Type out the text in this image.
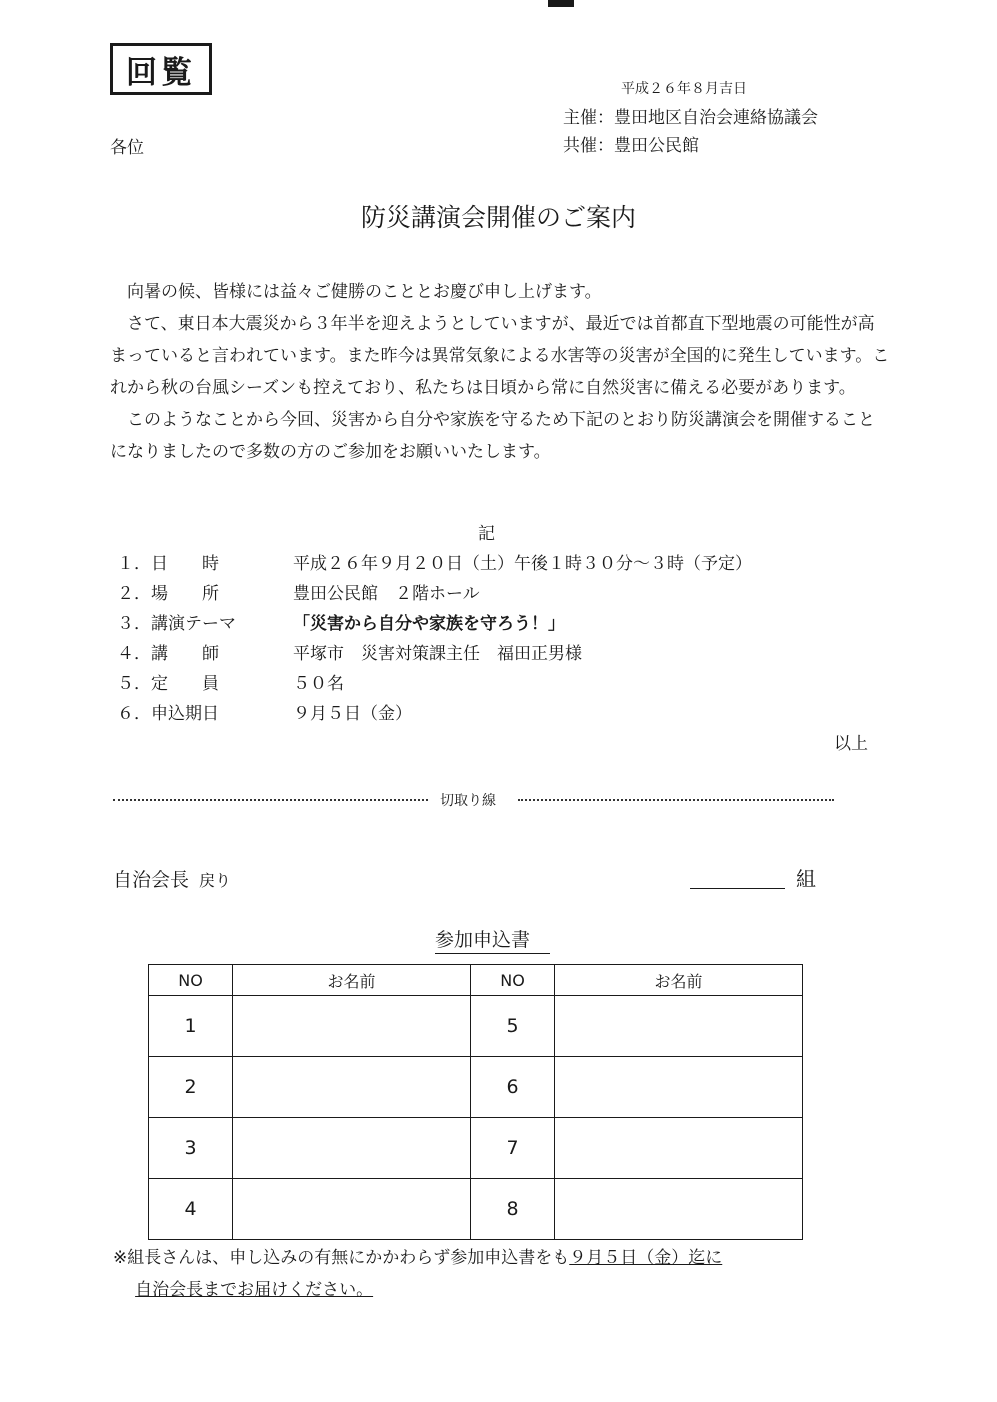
回覧	平成２６年８月吉日
主催：豊田地区自治会連絡協議会
共催：豊田公民館
各位
防災講演会開催のご案内

向暑の候、皆様には益々ご健勝のこととお慶び申し上げます。

さて、東日本大震災から３年半を迎えようとしていますが、最近では首都直下型地震の可能性が高まっていると言われています。また昨今は異常気象による水害等の災害が全国的に発生しています。これから秋の台風シーズンも控えており、私たちは日頃から常に自然災害に備える必要があります。

このようなことから今回、災害から自分や家族を守るため下記のとおり防災講演会を開催することになりましたので多数の方のご参加をお願いいたします。

記
１．日　　時	平成２６年９月２０日（土）午後１時３０分～３時（予定）
２．場　　所	豊田公民館　２階ホール
３．講演テーマ	「災害から自分や家族を守ろう！」
４．講　　師	平塚市　災害対策課主任　福田正男様
５．定　　員	５０名
６．申込期日	９月５日（金）
以上
切取り線
自治会長 戻り	組
参加申込書
NO	お名前	NO	お名前
1		5	
2		6	
3		7	
4		8	
※組長さんは、申し込みの有無にかかわらず参加申込書をも９月５日（金）迄に
自治会長までお届けください。
